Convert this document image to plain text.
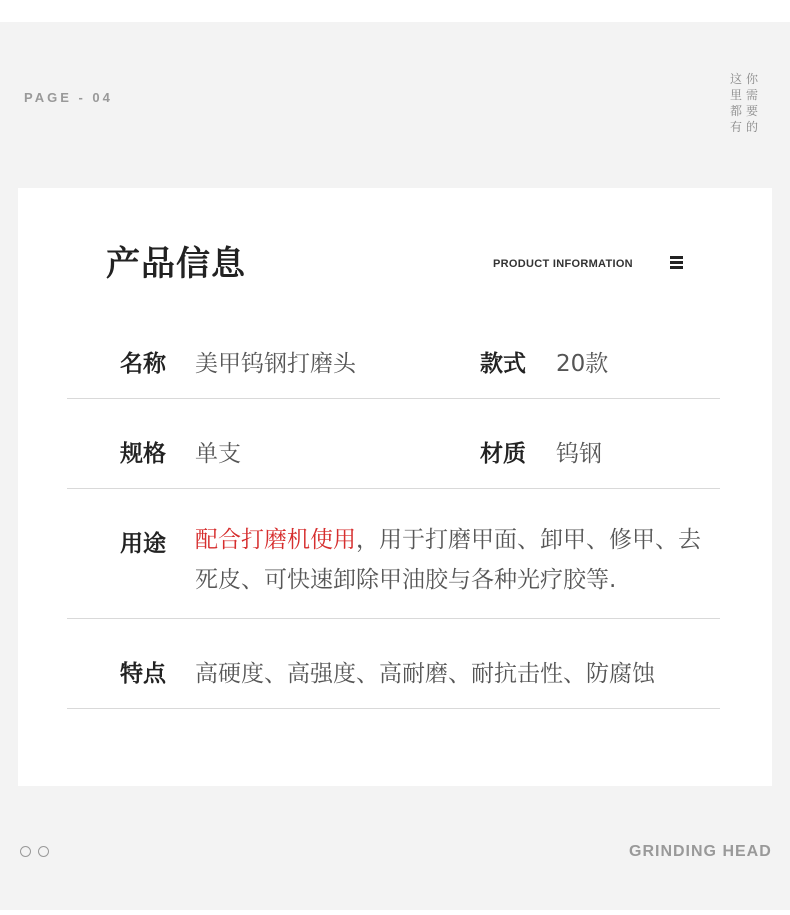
PAGE - 04
你
需
要
的
这
里
都
有
产品信息	PRODUCT INFORMATION
名称 美甲钨钢打磨头	款式 20款
规格 单支	材质 钨钢
用途 配合打磨机使用，用于打磨甲面、卸甲、修甲、去死皮、可快速卸除甲油胶与各种光疗胶等.
特点 高硬度、高强度、高耐磨、耐抗击性、防腐蚀
GRINDING HEAD
